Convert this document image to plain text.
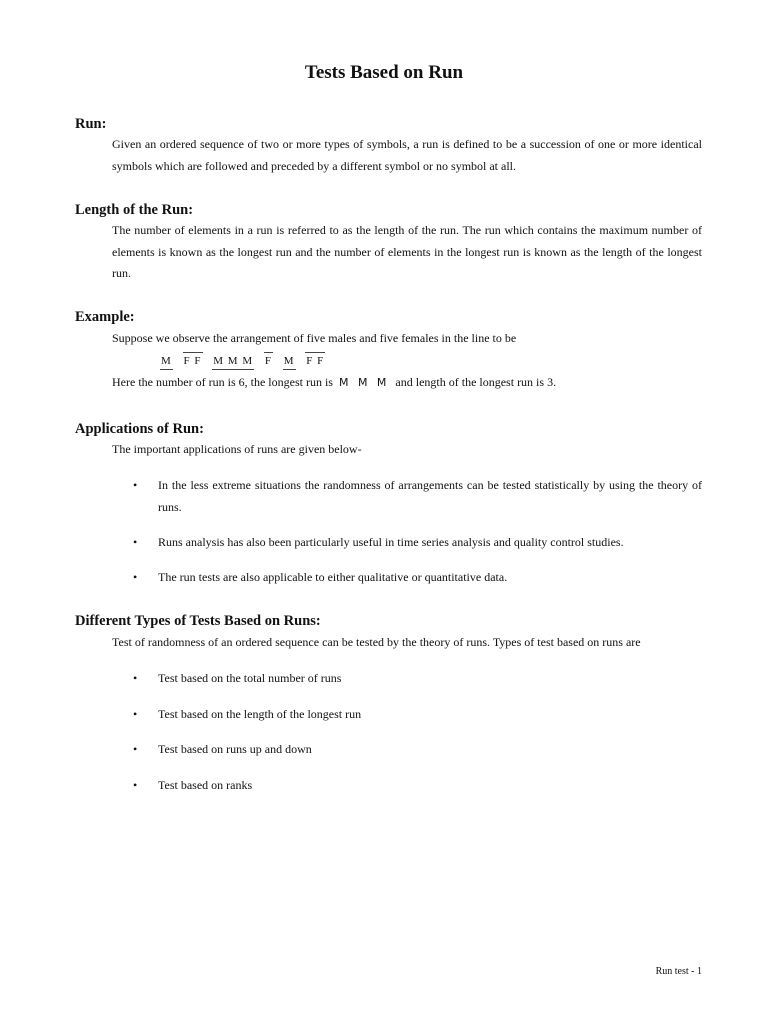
Tests Based on Run
Run:

Given an ordered sequence of two or more types of symbols, a run is defined to be a succession of one or more identical symbols which are followed and preceded by a different symbol or no symbol at all.

Length of the Run:

The number of elements in a run is referred to as the length of the run. The run which contains the maximum number of elements is known as the longest run and the number of elements in the longest run is known as the length of the longest run.

Example:

Suppose we observe the arrangement of five males and five females in the line to be

M F F M M M F M F F

Here the number of run is 6, the longest run is M M M and length of the longest run is 3.

Applications of Run:

The important applications of runs are given below-

• In the less extreme situations the randomness of arrangements can be tested statistically by using the theory of runs.
• Runs analysis has also been particularly useful in time series analysis and quality control studies.
• The run tests are also applicable to either qualitative or quantitative data.
Different Types of Tests Based on Runs:

Test of randomness of an ordered sequence can be tested by the theory of runs. Types of test based on runs are

• Test based on the total number of runs
• Test based on the length of the longest run
• Test based on runs up and down
• Test based on ranks
Run test - 1
